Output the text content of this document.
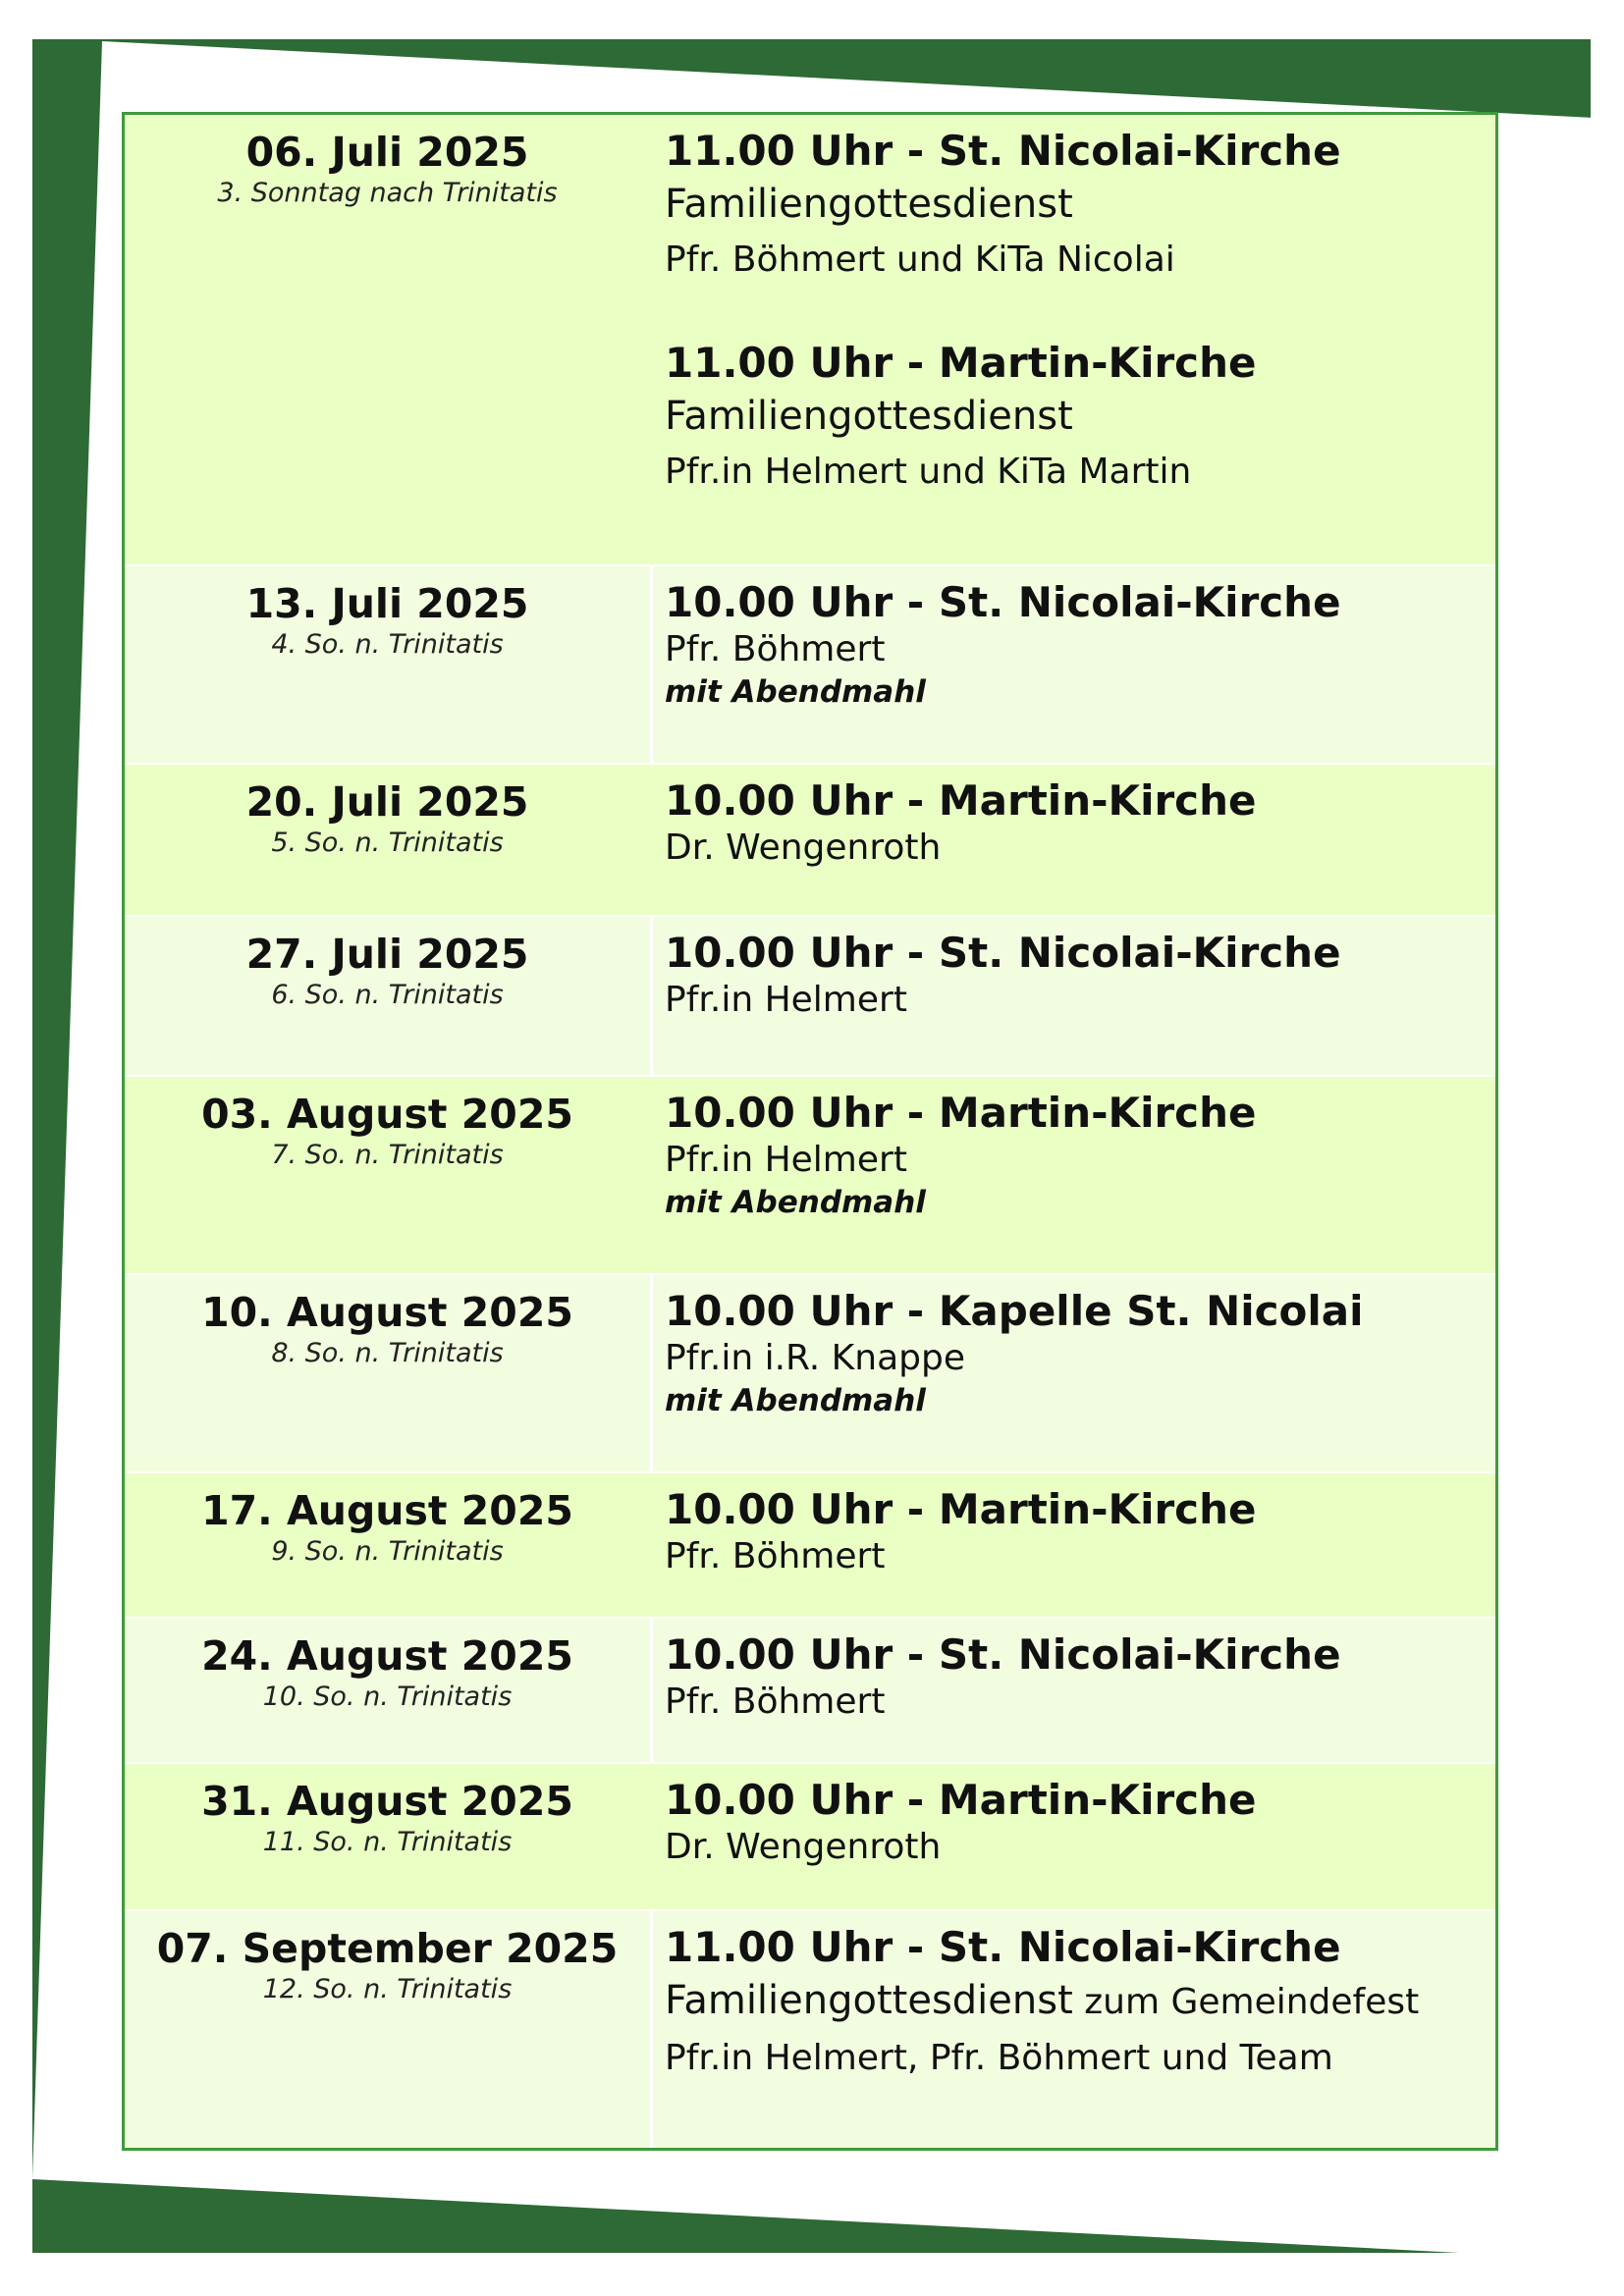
06. Juli 2025
3. Sonntag nach Trinitatis
11.00 Uhr - St. Nicolai-Kirche
Familiengottesdienst
Pfr. Böhmert und KiTa Nicolai
11.00 Uhr - Martin-Kirche
Familiengottesdienst
Pfr.in Helmert und KiTa Martin
13. Juli 2025
4. So. n. Trinitatis
10.00 Uhr - St. Nicolai-Kirche
Pfr. Böhmert
mit Abendmahl
20. Juli 2025
5. So. n. Trinitatis
10.00 Uhr - Martin-Kirche
Dr. Wengenroth
27. Juli 2025
6. So. n. Trinitatis
10.00 Uhr - St. Nicolai-Kirche
Pfr.in Helmert
03. August 2025
7. So. n. Trinitatis
10.00 Uhr - Martin-Kirche
Pfr.in Helmert
mit Abendmahl
10. August 2025
8. So. n. Trinitatis
10.00 Uhr - Kapelle St. Nicolai
Pfr.in i.R. Knappe
mit Abendmahl
17. August 2025
9. So. n. Trinitatis
10.00 Uhr - Martin-Kirche
Pfr. Böhmert
24. August 2025
10. So. n. Trinitatis
10.00 Uhr - St. Nicolai-Kirche
Pfr. Böhmert
31. August 2025
11. So. n. Trinitatis
10.00 Uhr - Martin-Kirche
Dr. Wengenroth
07. September 2025
12. So. n. Trinitatis
11.00 Uhr - St. Nicolai-Kirche
Familiengottesdienst zum Gemeindefest
Pfr.in Helmert, Pfr. Böhmert und Team
